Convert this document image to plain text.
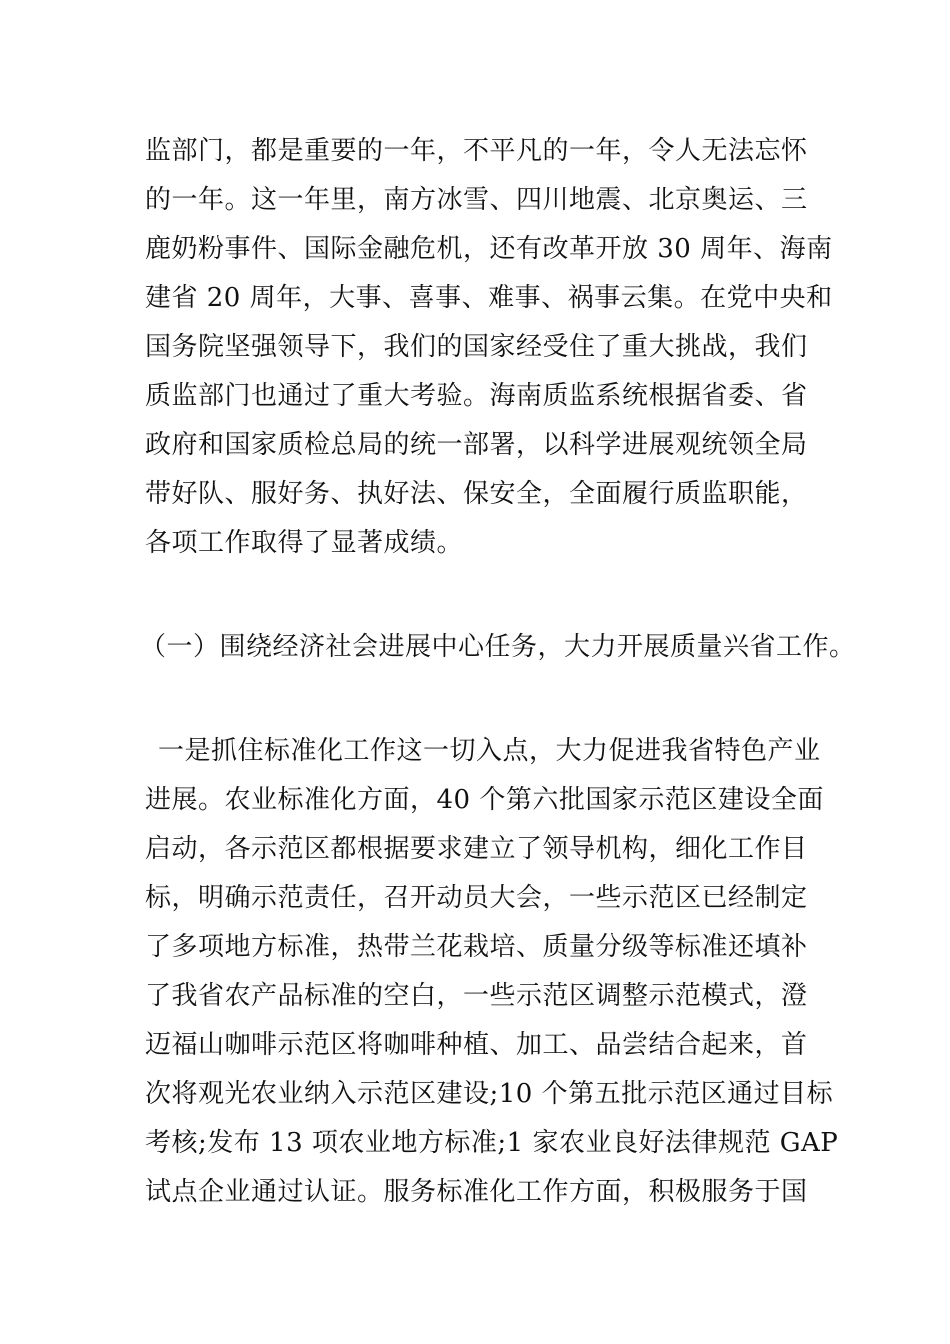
监部门，都是重要的一年，不平凡的一年，令人无法忘怀
的一年。这一年里，南方冰雪、四川地震、北京奥运、三
鹿奶粉事件、国际金融危机，还有改革开放 30 周年、海南
建省 20 周年，大事、喜事、难事、祸事云集。在党中央和
国务院坚强领导下，我们的国家经受住了重大挑战，我们
质监部门也通过了重大考验。海南质监系统根据省委、省
政府和国家质检总局的统一部署，以科学进展观统领全局
带好队、服好务、执好法、保安全，全面履行质监职能，
各项工作取得了显著成绩。
（一）围绕经济社会进展中心任务，大力开展质量兴省工作。
一是抓住标准化工作这一切入点，大力促进我省特色产业
进展。农业标准化方面，40 个第六批国家示范区建设全面
启动，各示范区都根据要求建立了领导机构，细化工作目
标，明确示范责任，召开动员大会，一些示范区已经制定
了多项地方标准，热带兰花栽培、质量分级等标准还填补
了我省农产品标准的空白，一些示范区调整示范模式，澄
迈福山咖啡示范区将咖啡种植、加工、品尝结合起来，首
次将观光农业纳入示范区建设;10 个第五批示范区通过目标
考核;发布 13 项农业地方标准;1 家农业良好法律规范 GAP
试点企业通过认证。服务标准化工作方面，积极服务于国
